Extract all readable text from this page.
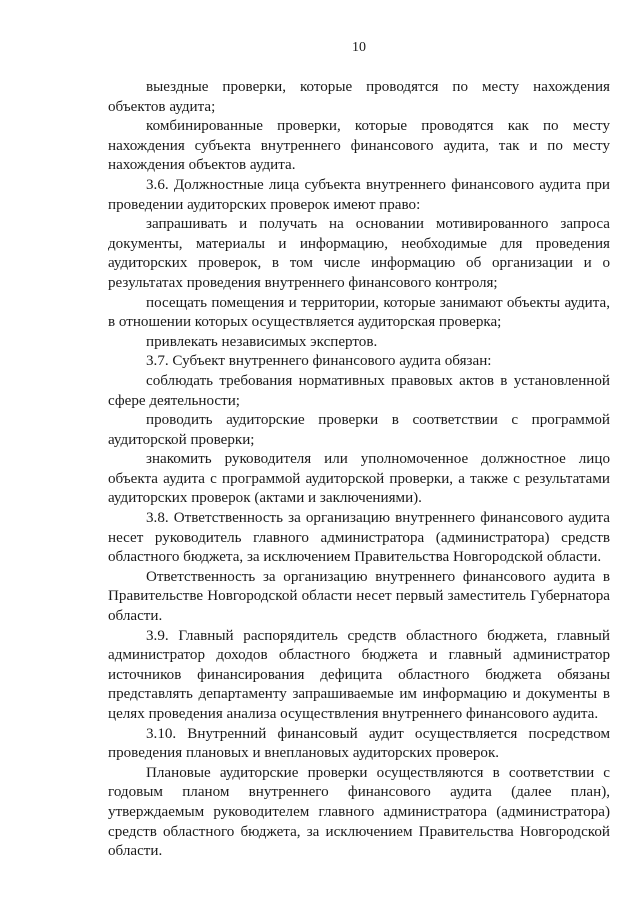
10

выездные проверки, которые проводятся по месту нахождения объектов аудита;

комбинированные проверки, которые проводятся как по месту нахождения субъекта внутреннего финансового аудита, так и по месту нахождения объектов аудита.

3.6. Должностные лица субъекта внутреннего финансового аудита при проведении аудиторских проверок имеют право:

запрашивать и получать на основании мотивированного запроса документы, материалы и информацию, необходимые для проведения аудиторских проверок, в том числе информацию об организации и о результатах проведения внутреннего финансового контроля;

посещать помещения и территории, которые занимают объекты аудита, в отношении которых осуществляется аудиторская проверка;

привлекать независимых экспертов.

3.7. Субъект внутреннего финансового аудита обязан:

соблюдать требования нормативных правовых актов в установленной сфере деятельности;

проводить аудиторские проверки в соответствии с программой аудиторской проверки;

знакомить руководителя или уполномоченное должностное лицо объекта аудита с программой аудиторской проверки, а также с результатами аудиторских проверок (актами и заключениями).

3.8. Ответственность за организацию внутреннего финансового аудита несет руководитель главного администратора (администратора) средств областного бюджета, за исключением Правительства Новгородской области.

Ответственность за организацию внутреннего финансового аудита в Правительстве Новгородской области несет первый заместитель Губернатора области.

3.9. Главный распорядитель средств областного бюджета, главный администратор доходов областного бюджета и главный администратор источников финансирования дефицита областного бюджета обязаны представлять департаменту запрашиваемые им информацию и документы в целях проведения анализа осуществления внутреннего финансового аудита.

3.10. Внутренний финансовый аудит осуществляется посредством проведения плановых и внеплановых аудиторских проверок.

Плановые аудиторские проверки осуществляются в соответствии с годовым планом внутреннего финансового аудита (далее план), утверждаемым руководителем главного администратора (администратора) средств областного бюджета, за исключением Правительства Новгородской области.
